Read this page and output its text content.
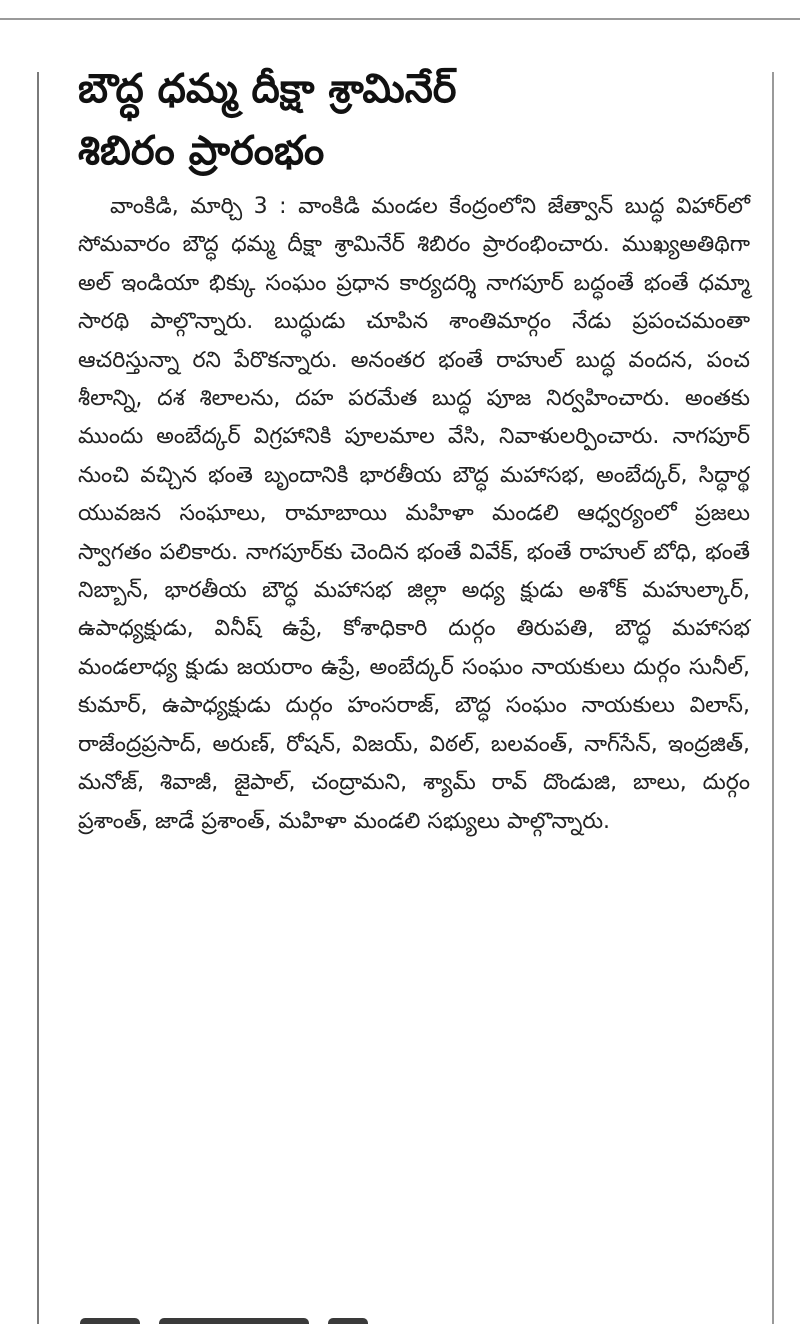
బౌద్ధ ధమ్మ దీక్షా శ్రామినేర్
శిబిరం ప్రారంభం

వాంకిడి, మార్చి 3 : వాంకిడి మండల కేంద్రంలోని జేత్వాన్ బుద్ధ విహార్‌లో సోమవారం బౌద్ధ ధమ్మ దీక్షా శ్రామినేర్ శిబిరం ప్రారంభించారు. ముఖ్యఅతిథిగా అల్ ఇండియా భిక్కు సంఘం ప్రధాన కార్యదర్శి నాగపూర్ బద్ధంతే భంతే ధమ్మా సారథి పాల్గొన్నారు. బుద్ధుడు చూపిన శాంతిమార్గం నేడు ప్రపంచమంతా ఆచరిస్తున్నా రని పేరొకన్నారు. అనంతర భంతే రాహుల్ బుద్ధ వందన, పంచ శీలాన్ని, దశ శిలాలను, దహ పరమేత బుద్ధ పూజ నిర్వహించారు. అంతకు ముందు అంబేద్కర్ విగ్రహానికి పూలమాల వేసి, నివాళులర్పించారు. నాగపూర్ నుంచి వచ్చిన భంతె బృందానికి భారతీయ బౌద్ధ మహాసభ, అంబేద్కర్, సిద్ధార్థ యువజన సంఘాలు, రామాబాయి మహిళా మండలి ఆధ్వర్యంలో ప్రజలు స్వాగతం పలికారు. నాగపూర్‌కు చెందిన భంతే వివేక్, భంతే రాహుల్ బోధి, భంతే నిబ్బాన్, భారతీయ బౌద్ధ మహాసభ జిల్లా అధ్య క్షుడు అశోక్ మహుల్కార్, ఉపాధ్యక్షుడు, వినీష్ ఉప్రే, కోశాధికారి దుర్గం తిరుపతి, బౌద్ధ మహాసభ మండలాధ్య క్షుడు జయరాం ఉప్రే, అంబేద్కర్ సంఘం నాయకులు దుర్గం సునీల్, కుమార్, ఉపాధ్యక్షుడు దుర్గం హంసరాజ్, బౌద్ధ సంఘం నాయకులు విలాస్, రాజేంద్రప్రసాద్, అరుణ్, రోషన్, విజయ్, విఠల్, బలవంత్, నాగ్‌సేన్, ఇంద్రజిత్, మనోజ్, శివాజీ, జైపాల్, చంద్రామని, శ్యామ్ రావ్ దొండుజి, బాలు, దుర్గం ప్రశాంత్, జాడే ప్రశాంత్, మహిళా మండలి సభ్యులు పాల్గొన్నారు.
